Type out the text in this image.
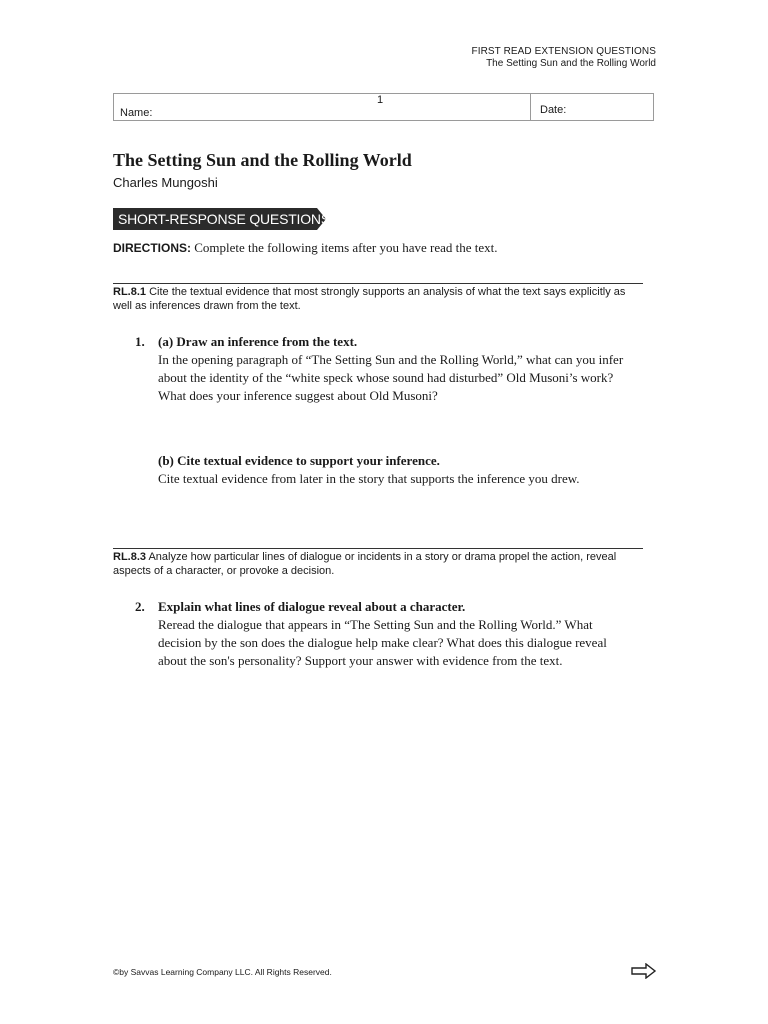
FIRST READ EXTENSION QUESTIONS
The Setting Sun and the Rolling World
1
Name:	Date:
The Setting Sun and the Rolling World
Charles Mungoshi
SHORT-RESPONSE QUESTIONS
DIRECTIONS: Complete the following items after you have read the text.
RL.8.1 Cite the textual evidence that most strongly supports an analysis of what the text says explicitly as well as inferences drawn from the text.
1. (a) Draw an inference from the text.
In the opening paragraph of “The Setting Sun and the Rolling World,” what can you infer about the identity of the “white speck whose sound had disturbed” Old Musoni’s work? What does your inference suggest about Old Musoni?
(b) Cite textual evidence to support your inference.
Cite textual evidence from later in the story that supports the inference you drew.
RL.8.3 Analyze how particular lines of dialogue or incidents in a story or drama propel the action, reveal aspects of a character, or provoke a decision.
2. Explain what lines of dialogue reveal about a character.
Reread the dialogue that appears in “The Setting Sun and the Rolling World.” What decision by the son does the dialogue help make clear? What does this dialogue reveal about the son's personality? Support your answer with evidence from the text.
©by Savvas Learning Company LLC. All Rights Reserved.
